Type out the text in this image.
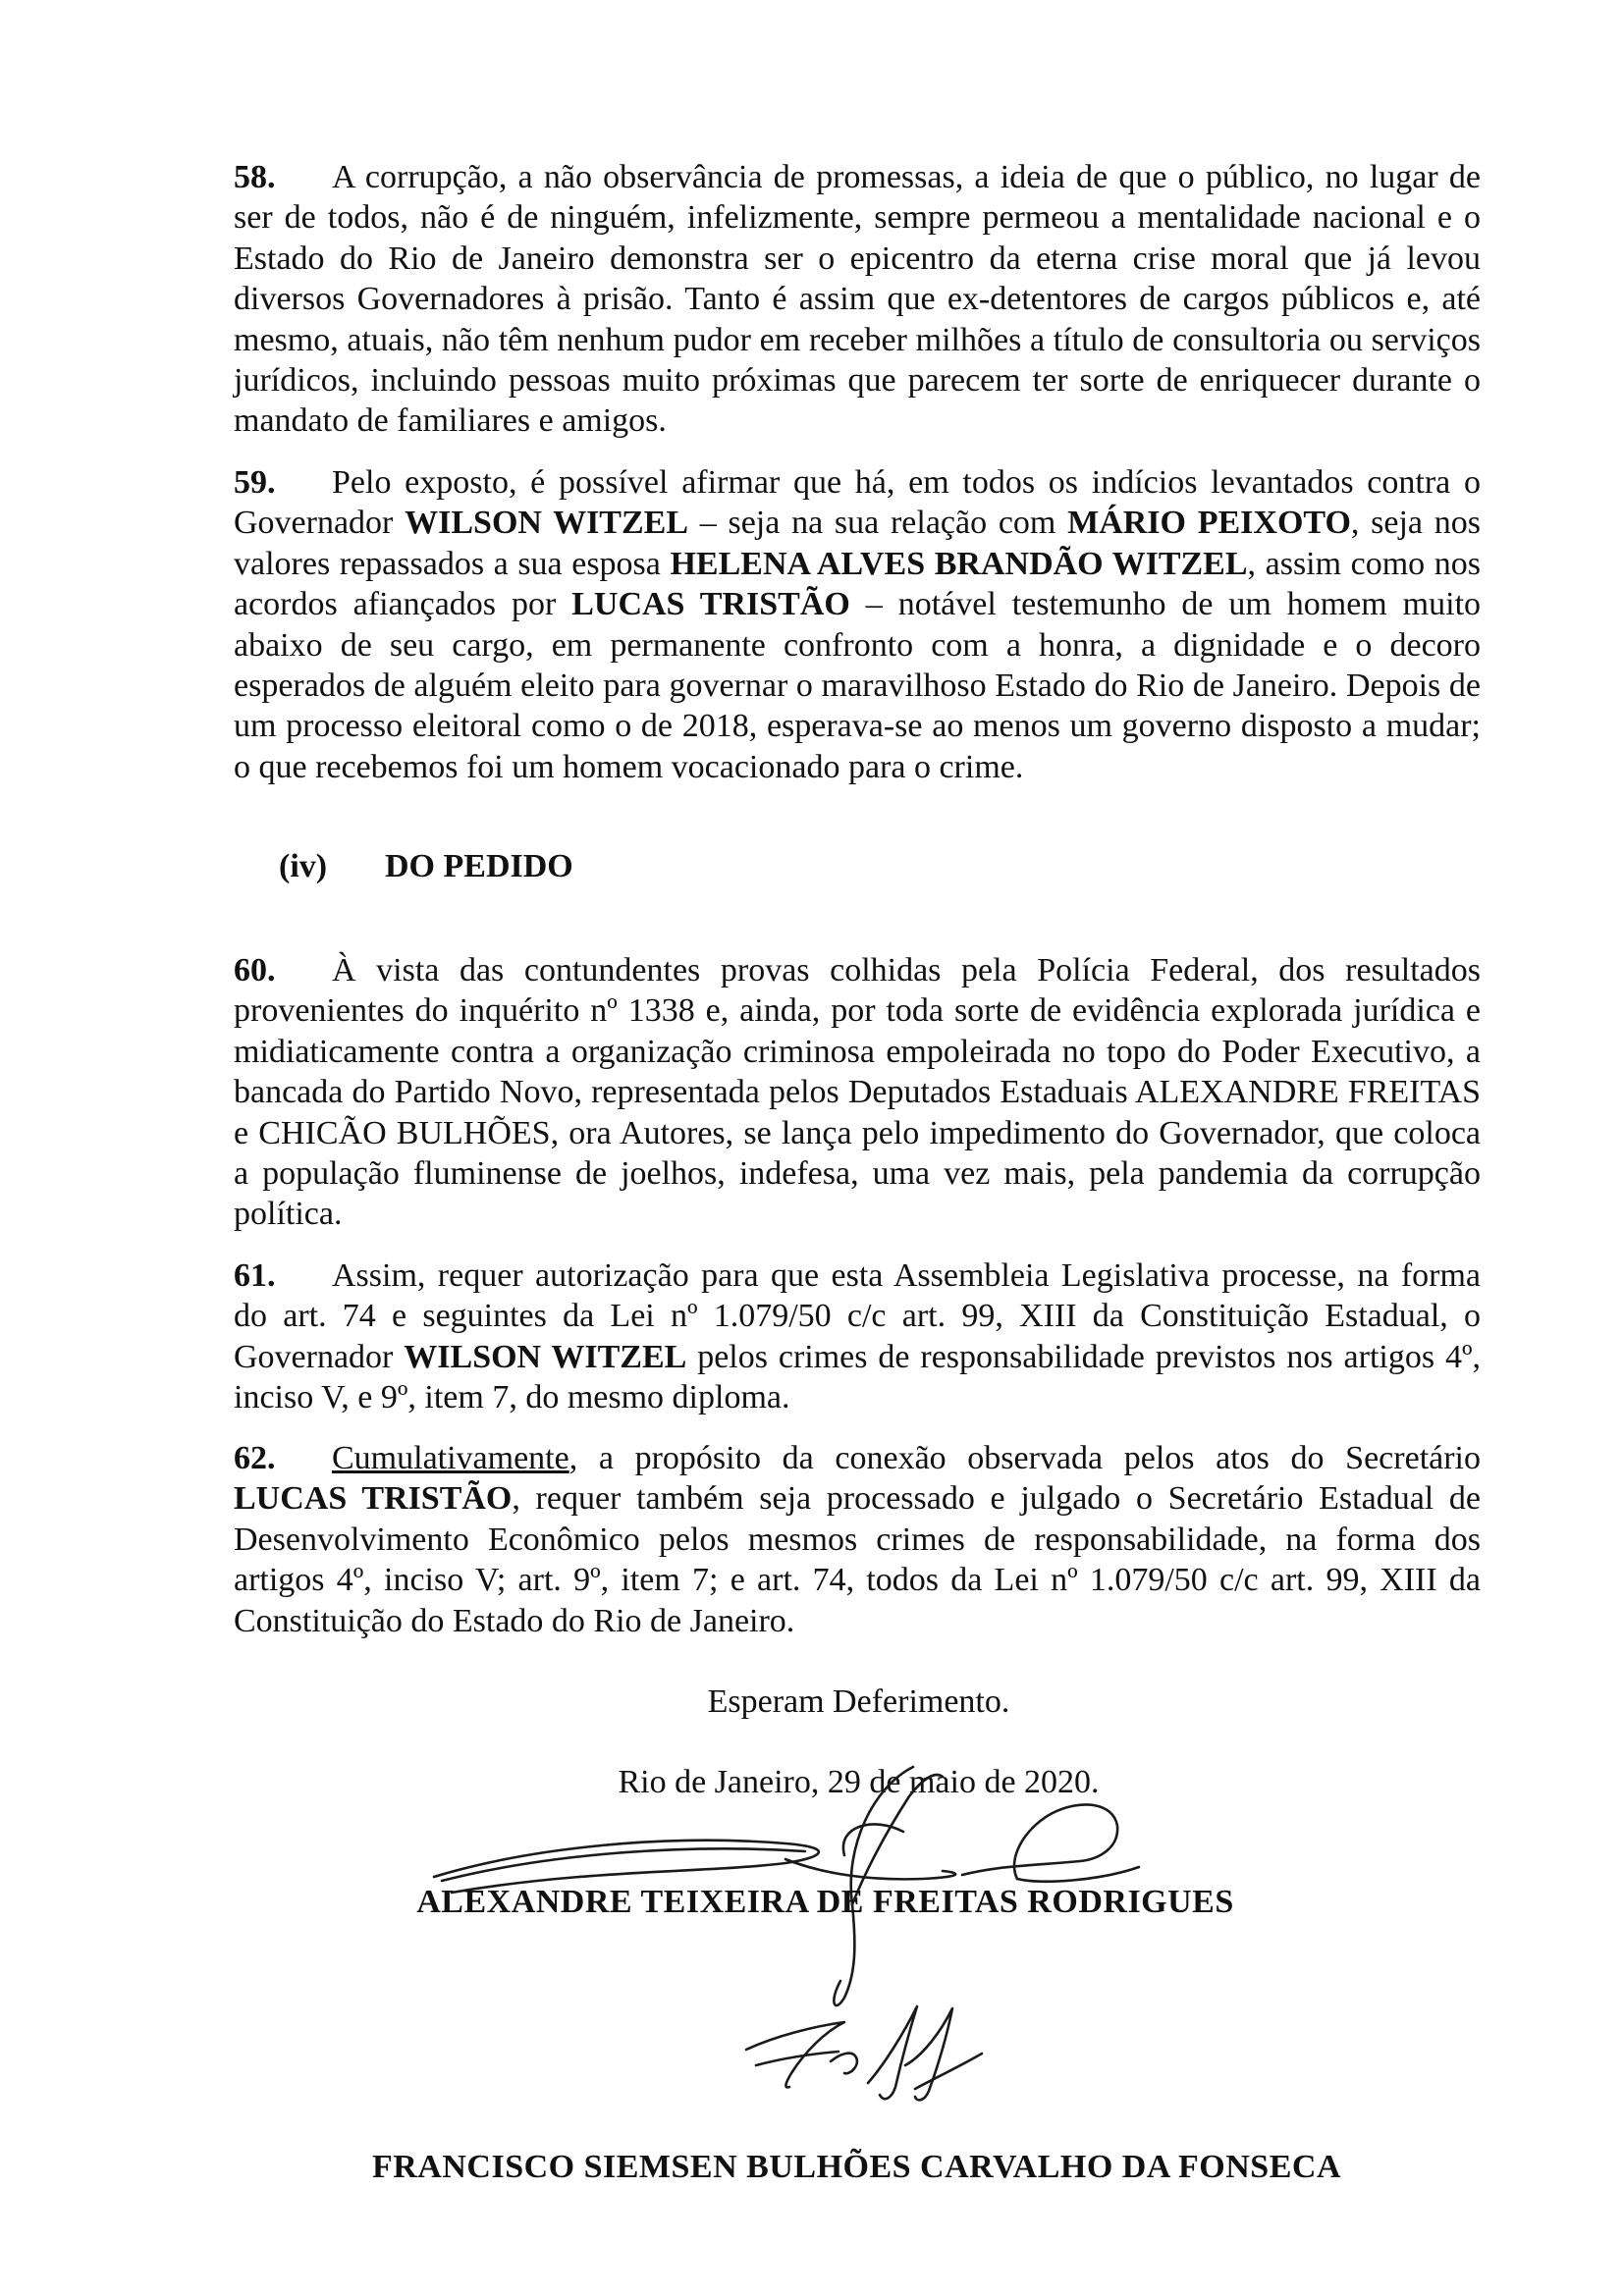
58. A corrupção, a não observância de promessas, a ideia de que o público, no lugar de ser de todos, não é de ninguém, infelizmente, sempre permeou a mentalidade nacional e o Estado do Rio de Janeiro demonstra ser o epicentro da eterna crise moral que já levou diversos Governadores à prisão. Tanto é assim que ex-detentores de cargos públicos e, até mesmo, atuais, não têm nenhum pudor em receber milhões a título de consultoria ou serviços jurídicos, incluindo pessoas muito próximas que parecem ter sorte de enriquecer durante o mandato de familiares e amigos.

59. Pelo exposto, é possível afirmar que há, em todos os indícios levantados contra o Governador WILSON WITZEL – seja na sua relação com MÁRIO PEIXOTO, seja nos valores repassados a sua esposa HELENA ALVES BRANDÃO WITZEL, assim como nos acordos afiançados por LUCAS TRISTÃO – notável testemunho de um homem muito abaixo de seu cargo, em permanente confronto com a honra, a dignidade e o decoro esperados de alguém eleito para governar o maravilhoso Estado do Rio de Janeiro. Depois de um processo eleitoral como o de 2018, esperava-se ao menos um governo disposto a mudar; o que recebemos foi um homem vocacionado para o crime.

(iv) DO PEDIDO

60. À vista das contundentes provas colhidas pela Polícia Federal, dos resultados provenientes do inquérito nº 1338 e, ainda, por toda sorte de evidência explorada jurídica e midiaticamente contra a organização criminosa empoleirada no topo do Poder Executivo, a bancada do Partido Novo, representada pelos Deputados Estaduais ALEXANDRE FREITAS e CHICÃO BULHÕES, ora Autores, se lança pelo impedimento do Governador, que coloca a população fluminense de joelhos, indefesa, uma vez mais, pela pandemia da corrupção política.

61. Assim, requer autorização para que esta Assembleia Legislativa processe, na forma do art. 74 e seguintes da Lei nº 1.079/50 c/c art. 99, XIII da Constituição Estadual, o Governador WILSON WITZEL pelos crimes de responsabilidade previstos nos artigos 4º, inciso V, e 9º, item 7, do mesmo diploma.

62. Cumulativamente, a propósito da conexão observada pelos atos do Secretário LUCAS TRISTÃO, requer também seja processado e julgado o Secretário Estadual de Desenvolvimento Econômico pelos mesmos crimes de responsabilidade, na forma dos artigos 4º, inciso V; art. 9º, item 7; e art. 74, todos da Lei nº 1.079/50 c/c art. 99, XIII da Constituição do Estado do Rio de Janeiro.

Esperam Deferimento.
Rio de Janeiro, 29 de maio de 2020.
ALEXANDRE TEIXEIRA DE FREITAS RODRIGUES
FRANCISCO SIEMSEN BULHÕES CARVALHO DA FONSECA
